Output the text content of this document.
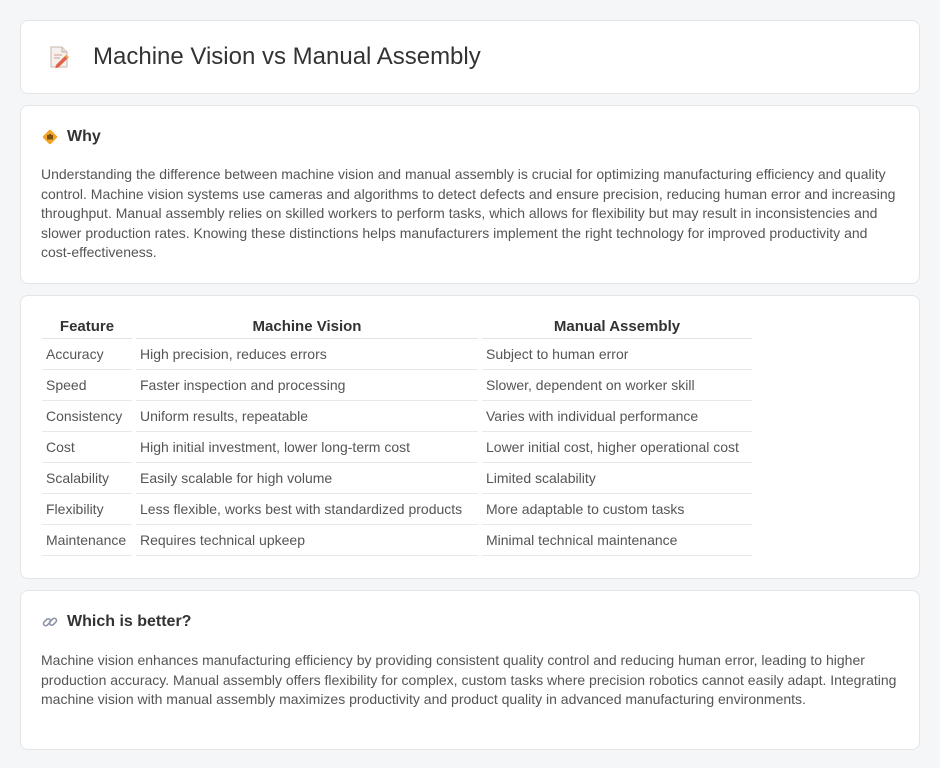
Machine Vision vs Manual Assembly
Why

Understanding the difference between machine vision and manual assembly is crucial for optimizing manufacturing efficiency and quality control. Machine vision systems use cameras and algorithms to detect defects and ensure precision, reducing human error and increasing throughput. Manual assembly relies on skilled workers to perform tasks, which allows for flexibility but may result in inconsistencies and slower production rates. Knowing these distinctions helps manufacturers implement the right technology for improved productivity and cost-effectiveness.

Feature	Machine Vision	Manual Assembly
Accuracy	High precision, reduces errors	Subject to human error
Speed	Faster inspection and processing	Slower, dependent on worker skill
Consistency	Uniform results, repeatable	Varies with individual performance
Cost	High initial investment, lower long-term cost	Lower initial cost, higher operational cost
Scalability	Easily scalable for high volume	Limited scalability
Flexibility	Less flexible, works best with standardized products	More adaptable to custom tasks
Maintenance	Requires technical upkeep	Minimal technical maintenance
Which is better?

Machine vision enhances manufacturing efficiency by providing consistent quality control and reducing human error, leading to higher production accuracy. Manual assembly offers flexibility for complex, custom tasks where precision robotics cannot easily adapt. Integrating machine vision with manual assembly maximizes productivity and product quality in advanced manufacturing environments.
